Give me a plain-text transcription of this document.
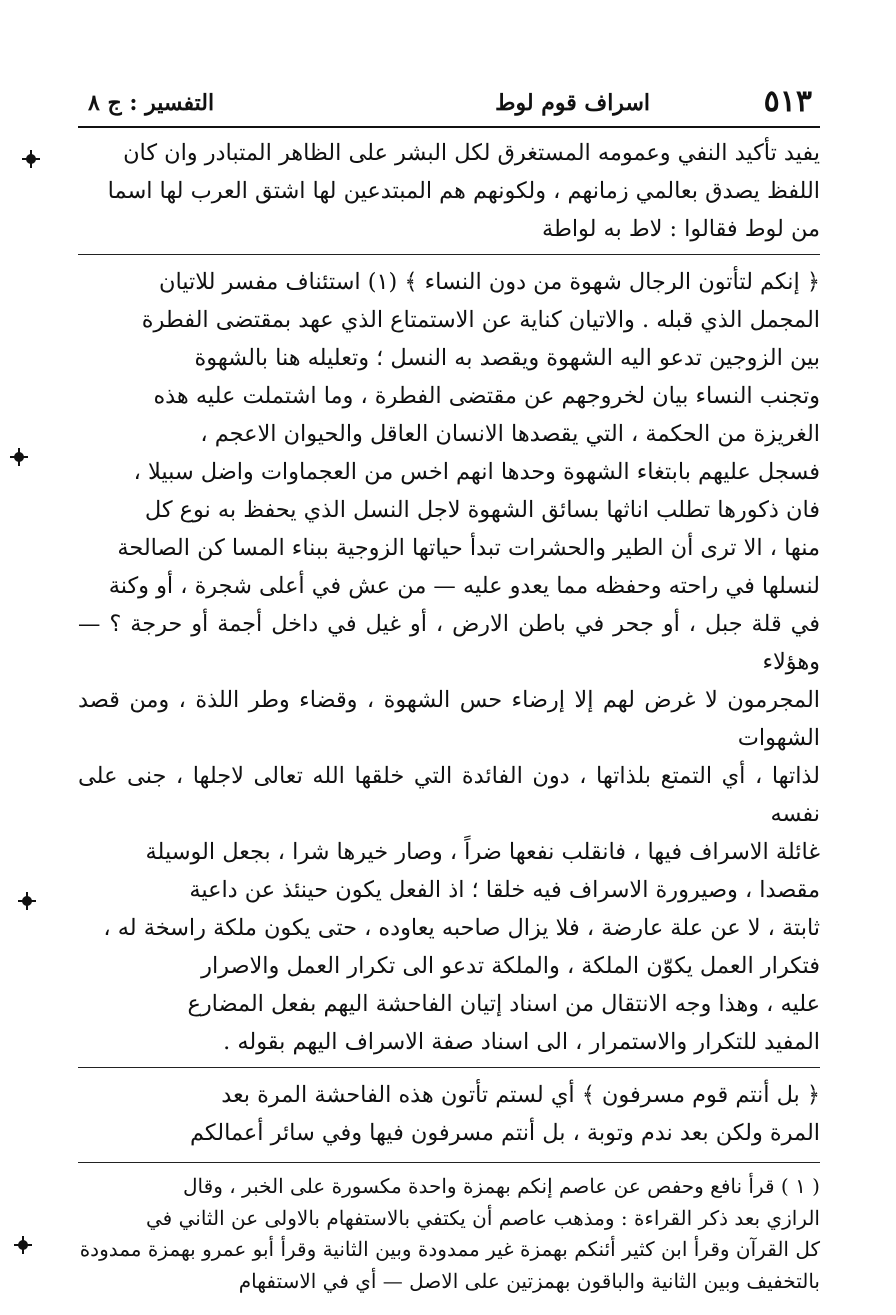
٥١٣
اسراف قوم لوط
التفسير : ج ٨

يفيد تأكيد النفي وعمومه المستغرق لكل البشر على الظاهر المتبادر وان كان

اللفظ يصدق بعالمي زمانهم ، ولكونهم هم المبتدعين لها اشتق العرب لها اسما

من لوط فقالوا : لاط به لواطة

﴿ إنكم لتأتون الرجال شهوة من دون النساء ﴾ (١) استئناف مفسر للاتيان

المجمل الذي قبله . والاتيان كناية عن الاستمتاع الذي عهد بمقتضى الفطرة

بين الزوجين تدعو اليه الشهوة ويقصد به النسل ؛ وتعليله هنا بالشهوة

وتجنب النساء بيان لخروجهم عن مقتضى الفطرة ، وما اشتملت عليه هذه

الغريزة من الحكمة ، التي يقصدها الانسان العاقل والحيوان الاعجم ،

فسجل عليهم بابتغاء الشهوة وحدها انهم اخس من العجماوات واضل سبيلا ،

فان ذكورها تطلب اناثها بسائق الشهوة لاجل النسل الذي يحفظ به نوع كل

منها ، الا ترى أن الطير والحشرات تبدأ حياتها الزوجية ببناء المسا كن الصالحة

لنسلها في راحته وحفظه مما يعدو عليه — من عش في أعلى شجرة ، أو وكنة

في قلة جبل ، أو جحر في باطن الارض ، أو غيل في داخل أجمة أو حرجة ؟ — وهؤلاء

المجرمون لا غرض لهم إلا إرضاء حس الشهوة ، وقضاء وطر اللذة ، ومن قصد الشهوات

لذاتها ، أي التمتع بلذاتها ، دون الفائدة التي خلقها الله تعالى لاجلها ، جنى على نفسه

غائلة الاسراف فيها ، فانقلب نفعها ضراً ، وصار خيرها شرا ، بجعل الوسيلة

مقصدا ، وصيرورة الاسراف فيه خلقا ؛ اذ الفعل يكون حينئذ عن داعية

ثابتة ، لا عن علة عارضة ، فلا يزال صاحبه يعاوده ، حتى يكون ملكة راسخة له ،

فتكرار العمل يكوّن الملكة ، والملكة تدعو الى تكرار العمل والاصرار

عليه ، وهذا وجه الانتقال من اسناد إتيان الفاحشة اليهم بفعل المضارع

المفيد للتكرار والاستمرار ، الى اسناد صفة الاسراف اليهم بقوله .

﴿ بل أنتم قوم مسرفون ﴾ أي لستم تأتون هذه الفاحشة المرة بعد

المرة ولكن بعد ندم وتوبة ، بل أنتم مسرفون فيها وفي سائر أعمالكم

( ١ ) قرأ نافع وحفص عن عاصم إنكم بهمزة واحدة مكسورة على الخبر ، وقال

الرازي بعد ذكر القراءة : ومذهب عاصم أن يكتفي بالاستفهام بالاولى عن الثاني في

كل القرآن وقرأ ابن كثير أئنكم بهمزة غير ممدودة وبين الثانية وقرأ أبو عمرو بهمزة ممدودة

بالتخفيف وبين الثانية والباقون بهمزتين على الاصل — أي في الاستفهام
